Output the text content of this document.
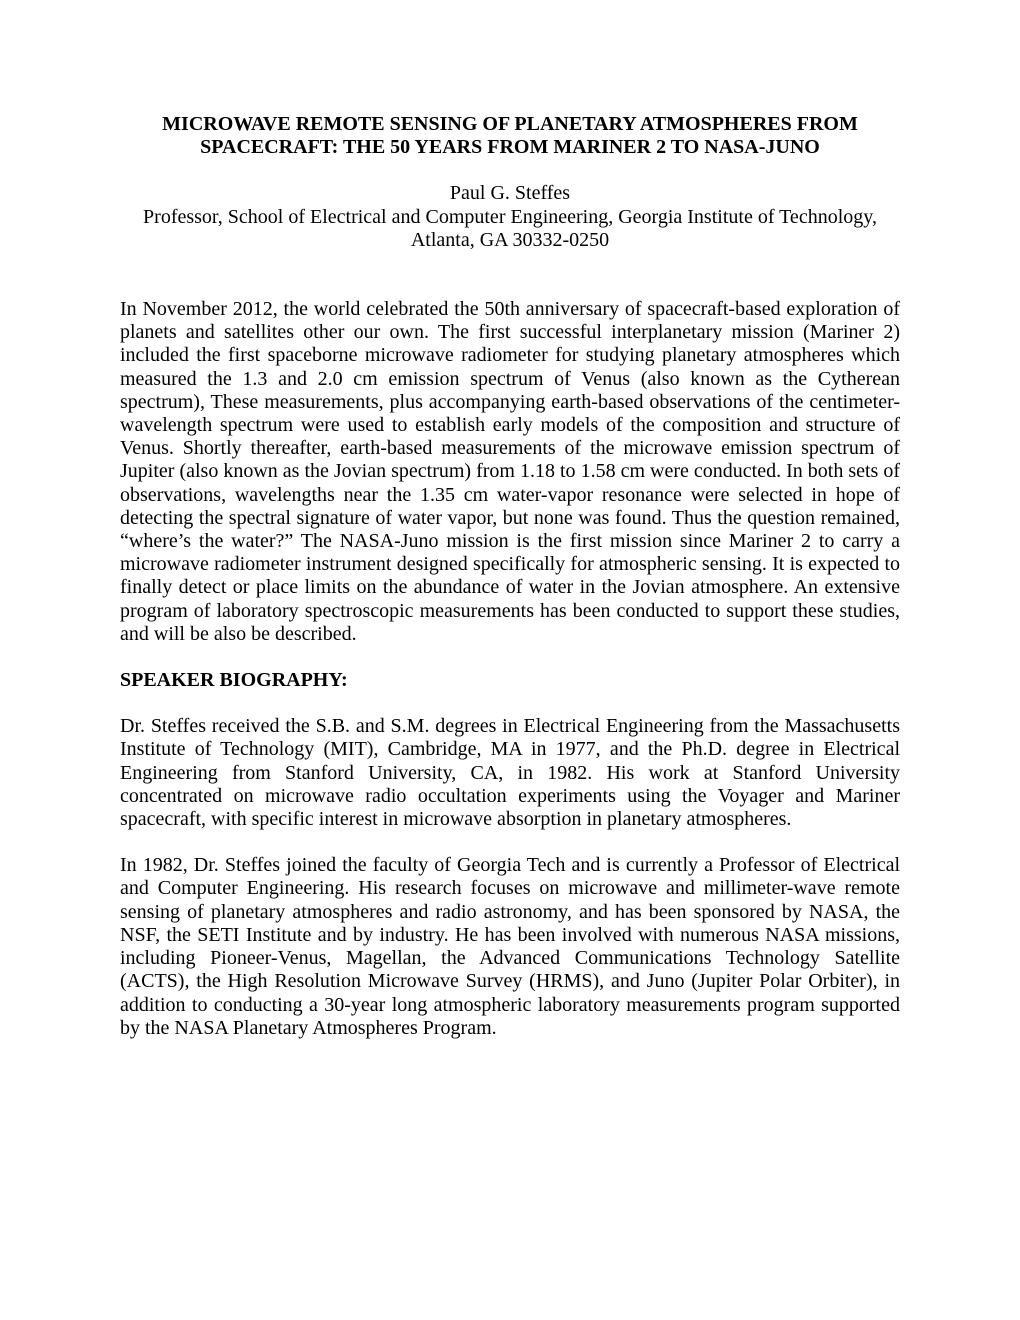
MICROWAVE REMOTE SENSING OF PLANETARY ATMOSPHERES FROM
SPACECRAFT: THE 50 YEARS FROM MARINER 2 TO NASA-JUNO
Paul G. Steffes
Professor, School of Electrical and Computer Engineering, Georgia Institute of Technology,
Atlanta, GA 30332-0250

In November 2012, the world celebrated the 50th anniversary of spacecraft-based exploration of planets and satellites other our own. The first successful interplanetary mission (Mariner 2) included the first spaceborne microwave radiometer for studying planetary atmospheres which measured the 1.3 and 2.0 cm emission spectrum of Venus (also known as the Cytherean spectrum), These measurements, plus accompanying earth-based observations of the centimeter-wavelength spectrum were used to establish early models of the composition and structure of Venus. Shortly thereafter, earth-based measurements of the microwave emission spectrum of Jupiter (also known as the Jovian spectrum) from 1.18 to 1.58 cm were conducted. In both sets of observations, wavelengths near the 1.35 cm water-vapor resonance were selected in hope of detecting the spectral signature of water vapor, but none was found. Thus the question remained, “where’s the water?” The NASA-Juno mission is the first mission since Mariner 2 to carry a microwave radiometer instrument designed specifically for atmospheric sensing. It is expected to finally detect or place limits on the abundance of water in the Jovian atmosphere. An extensive program of laboratory spectroscopic measurements has been conducted to support these studies, and will be also be described.

SPEAKER BIOGRAPHY:

Dr. Steffes received the S.B. and S.M. degrees in Electrical Engineering from the Massachusetts Institute of Technology (MIT), Cambridge, MA in 1977, and the Ph.D. degree in Electrical Engineering from Stanford University, CA, in 1982. His work at Stanford University concentrated on microwave radio occultation experiments using the Voyager and Mariner spacecraft, with specific interest in microwave absorption in planetary atmospheres.

In 1982, Dr. Steffes joined the faculty of Georgia Tech and is currently a Professor of Electrical and Computer Engineering. His research focuses on microwave and millimeter-wave remote sensing of planetary atmospheres and radio astronomy, and has been sponsored by NASA, the NSF, the SETI Institute and by industry. He has been involved with numerous NASA missions, including Pioneer-Venus, Magellan, the Advanced Communications Technology Satellite (ACTS), the High Resolution Microwave Survey (HRMS), and Juno (Jupiter Polar Orbiter), in addition to conducting a 30-year long atmospheric laboratory measurements program supported by the NASA Planetary Atmospheres Program.
